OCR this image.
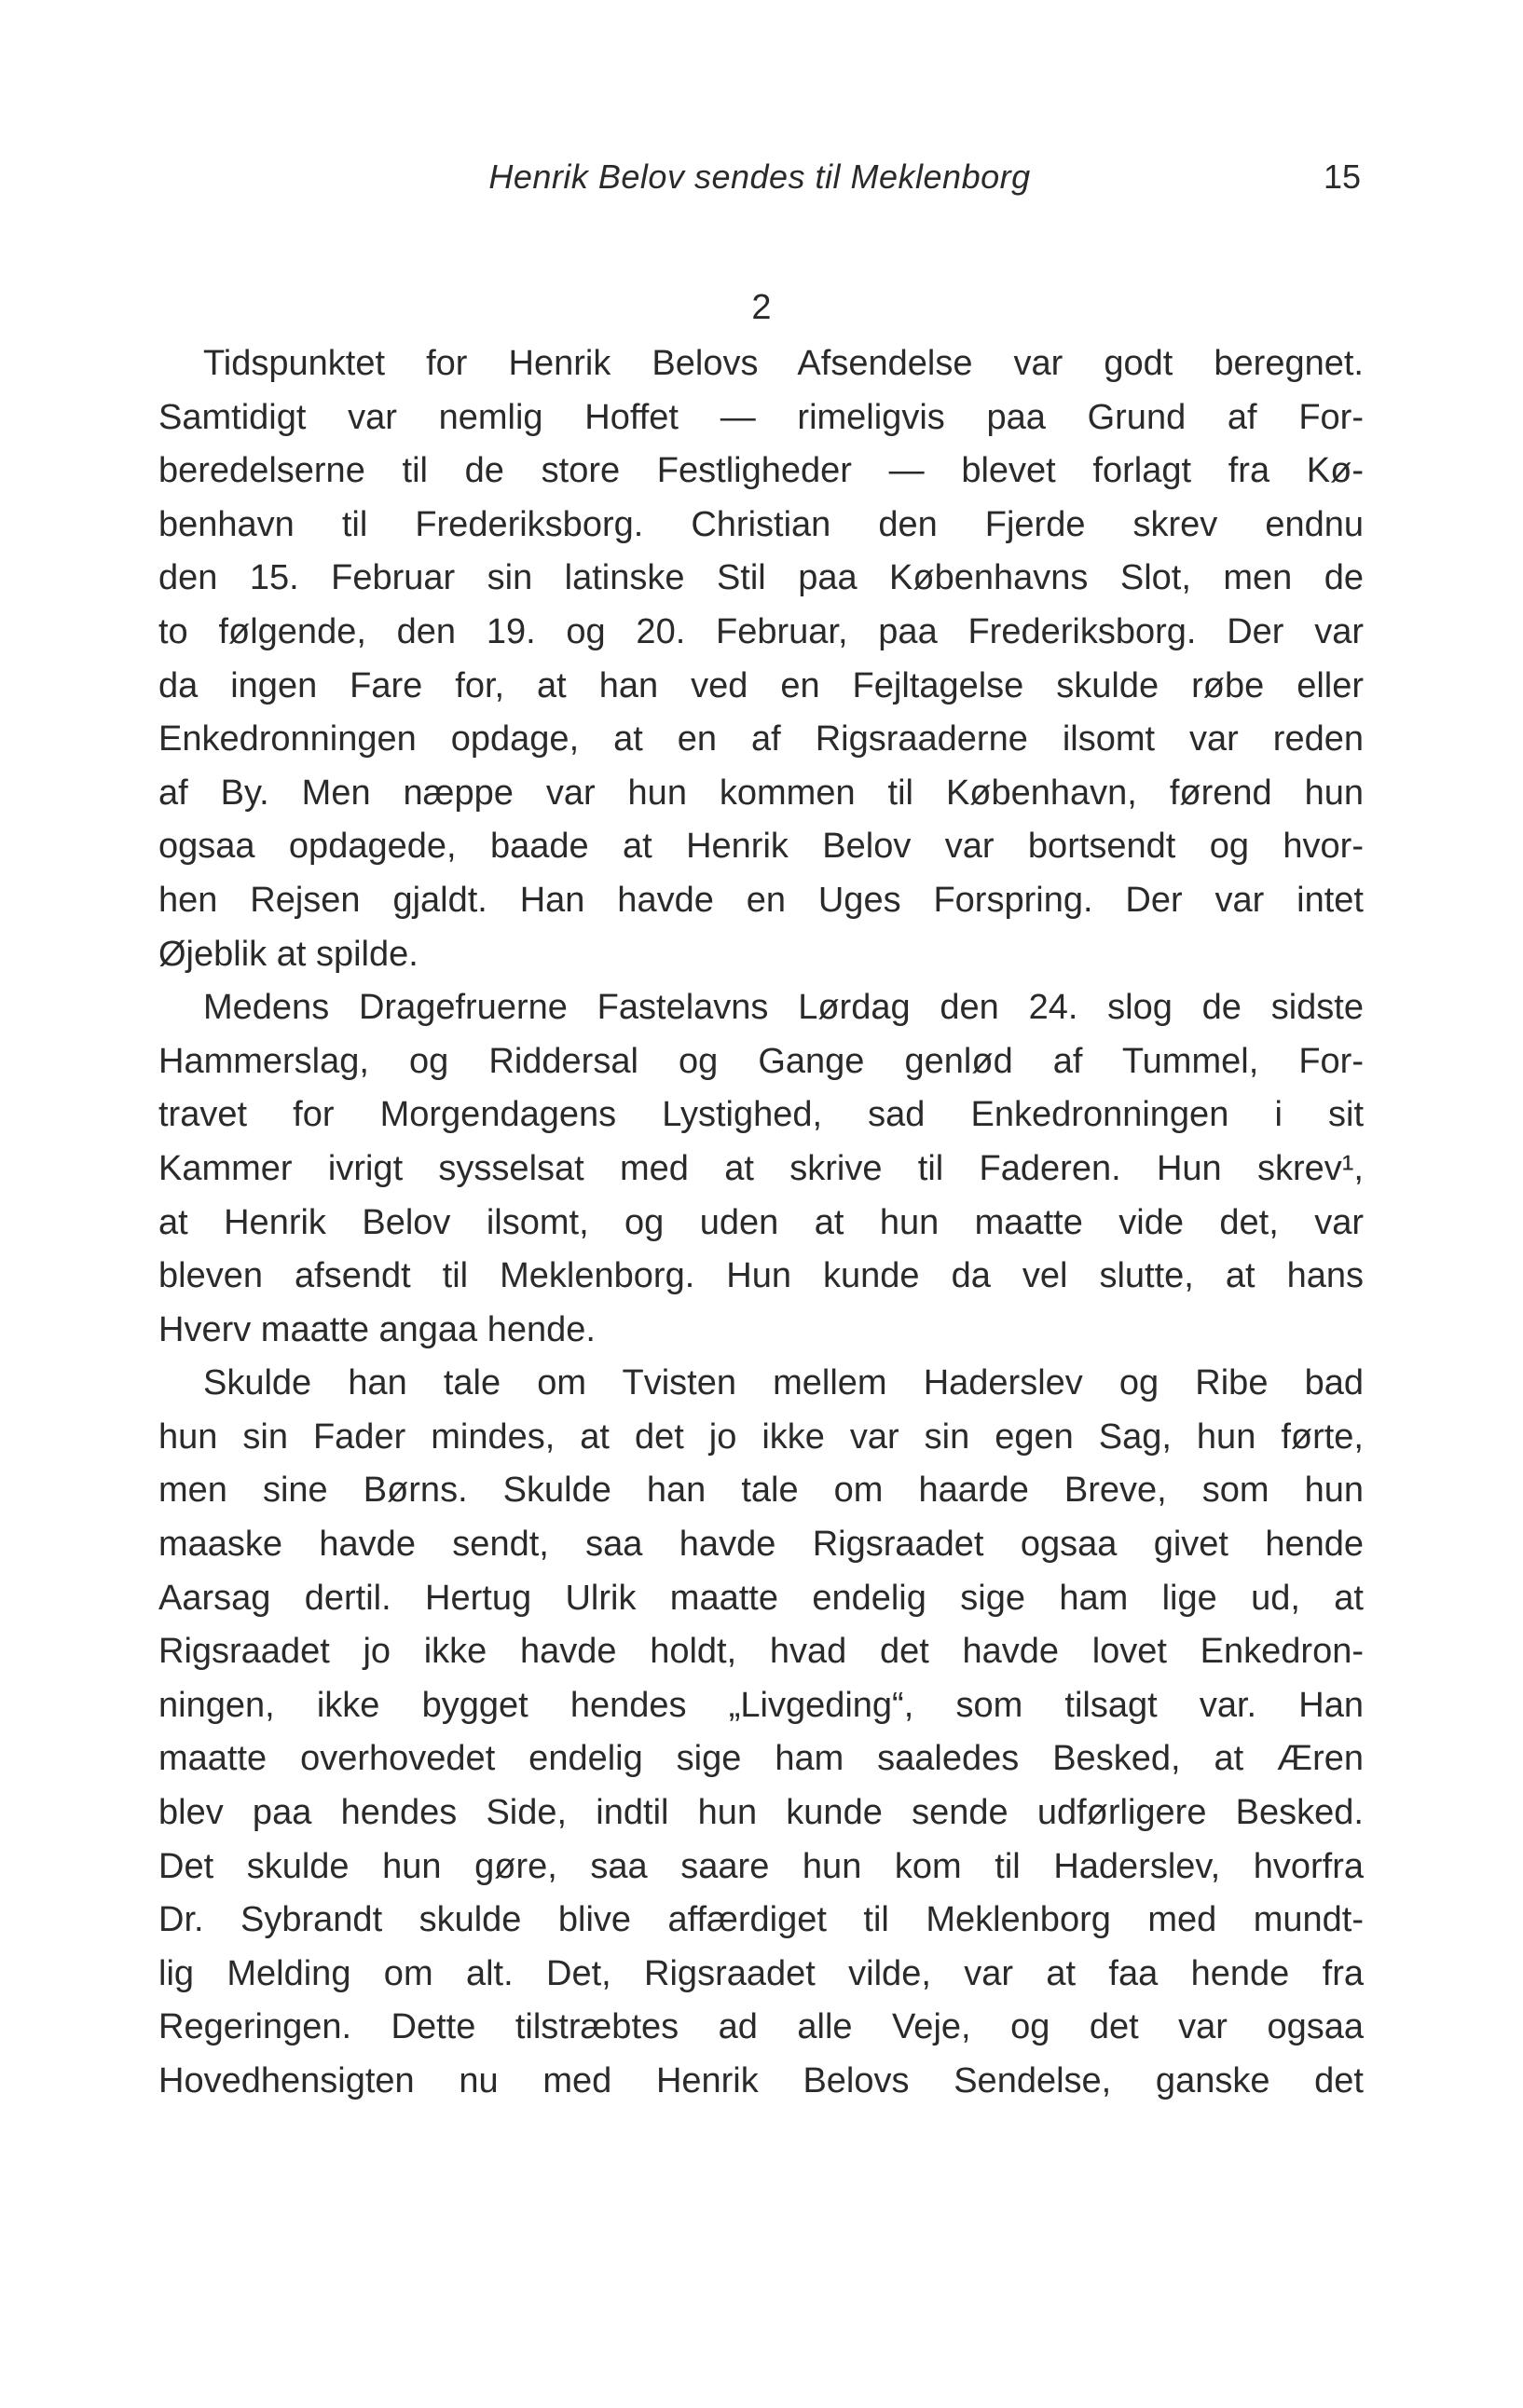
Henrik Belov sendes til Meklenborg	15
2
Tidspunktet for Henrik Belovs Afsendelse var godt beregnet.
Samtidigt var nemlig Hoffet — rimeligvis paa Grund af For-
beredelserne til de store Festligheder — blevet forlagt fra Kø-
benhavn til Frederiksborg. Christian den Fjerde skrev endnu
den 15. Februar sin latinske Stil paa Københavns Slot, men de
to følgende, den 19. og 20. Februar, paa Frederiksborg. Der var
da ingen Fare for, at han ved en Fejltagelse skulde røbe eller
Enkedronningen opdage, at en af Rigsraaderne ilsomt var reden
af By. Men næppe var hun kommen til København, førend hun
ogsaa opdagede, baade at Henrik Belov var bortsendt og hvor-
hen Rejsen gjaldt. Han havde en Uges Forspring. Der var intet
Øjeblik at spilde.
Medens Dragefruerne Fastelavns Lørdag den 24. slog de sidste
Hammerslag, og Riddersal og Gange genlød af Tummel, For-
travet for Morgendagens Lystighed, sad Enkedronningen i sit
Kammer ivrigt sysselsat med at skrive til Faderen. Hun skrev¹,
at Henrik Belov ilsomt, og uden at hun maatte vide det, var
bleven afsendt til Meklenborg. Hun kunde da vel slutte, at hans
Hverv maatte angaa hende.
Skulde han tale om Tvisten mellem Haderslev og Ribe bad
hun sin Fader mindes, at det jo ikke var sin egen Sag, hun førte,
men sine Børns. Skulde han tale om haarde Breve, som hun
maaske havde sendt, saa havde Rigsraadet ogsaa givet hende
Aarsag dertil. Hertug Ulrik maatte endelig sige ham lige ud, at
Rigsraadet jo ikke havde holdt, hvad det havde lovet Enkedron-
ningen, ikke bygget hendes „Livgeding“, som tilsagt var. Han
maatte overhovedet endelig sige ham saaledes Besked, at Æren
blev paa hendes Side, indtil hun kunde sende udførligere Besked.
Det skulde hun gøre, saa saare hun kom til Haderslev, hvorfra
Dr. Sybrandt skulde blive affærdiget til Meklenborg med mundt-
lig Melding om alt. Det, Rigsraadet vilde, var at faa hende fra
Regeringen. Dette tilstræbtes ad alle Veje, og det var ogsaa
Hovedhensigten nu med Henrik Belovs Sendelse, ganske det
